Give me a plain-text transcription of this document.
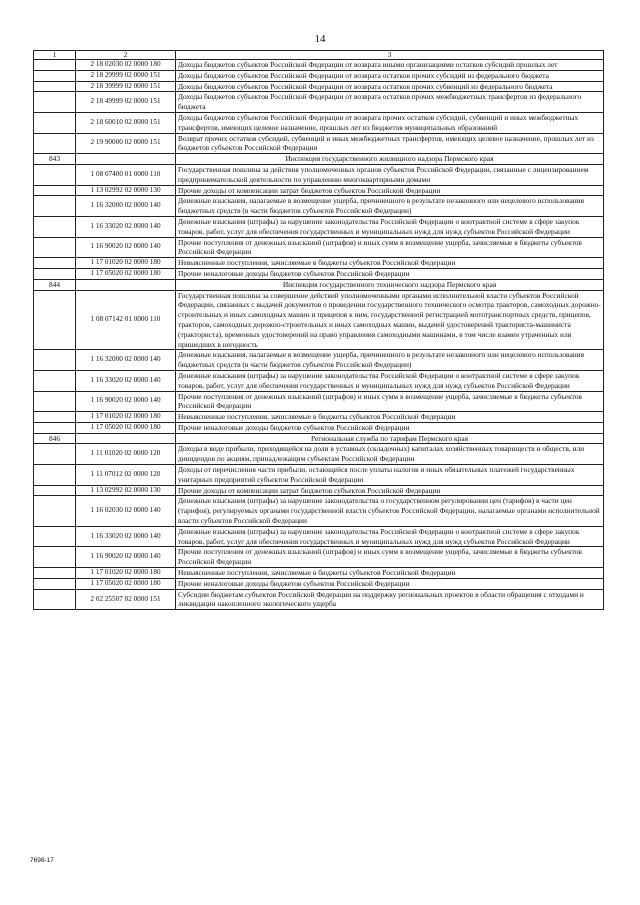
14
1	2	3
	2 18 02030 02 0000 180	Доходы бюджетов субъектов Российской Федерации от возврата иными организациями остатков субсидий прошлых лет
	2 18 29999 02 0000 151	Доходы бюджетов субъектов Российской Федерации от возврата остатков прочих субсидий из федерального бюджета
	2 18 39999 02 0000 151	Доходы бюджетов субъектов Российской Федерации от возврата остатков прочих субвенций из федерального бюджета
	2 18 49999 02 0000 151	Доходы бюджетов субъектов Российской Федерации от возврата остатков прочих межбюджетных трансфертов из федерального бюджета
	2 18 60010 02 0000 151	Доходы бюджетов субъектов Российской Федерации от возврата прочих остатков субсидий, субвенций и иных межбюджетных трансфертов, имеющих целевое назначение, прошлых лет из бюджетов муниципальных образований
	2 19 90000 02 0000 151	Возврат прочих остатков субсидий, субвенций и иных межбюджетных трансфертов, имеющих целевое назначение, прошлых лет из бюджетов субъектов Российской Федерации
843		Инспекция государственного жилищного надзора Пермского края
	1 08 07400 01 0000 110	Государственная пошлина за действия уполномоченных органов субъектов Российской Федерации, связанные с лицензированием предпринимательской деятельности по управлению многоквартирными домами
	1 13 02992 02 0000 130	Прочие доходы от компенсации затрат бюджетов субъектов Российской Федерации
	1 16 32000 02 0000 140	Денежные взыскания, налагаемые в возмещение ущерба, причиненного в результате незаконного или нецелевого использования бюджетных средств (в части бюджетов субъектов Российской Федерации)
	1 16 33020 02 0000 140	Денежные взыскания (штрафы) за нарушение законодательства Российской Федерации о контрактной системе в сфере закупок товаров, работ, услуг для обеспечения государственных и муниципальных нужд для нужд субъектов Российской Федерации
	1 16 90020 02 0000 140	Прочие поступления от денежных взысканий (штрафов) и иных сумм в возмещение ущерба, зачисляемые в бюджеты субъектов Российской Федерации
	1 17 01020 02 0000 180	Невыясненные поступления, зачисляемые в бюджеты субъектов Российской Федерации
	1 17 05020 02 0000 180	Прочие неналоговые доходы бюджетов субъектов Российской Федерации
844		Инспекция государственного технического надзора Пермского края
	1 08 07142 01 0000 110	Государственная пошлина за совершение действий уполномоченными органами исполнительной власти субъектов Российской Федерации, связанных с выдачей документов о проведении государственного технического осмотра тракторов, самоходных дорожно-строительных и иных самоходных машин и прицепов к ним, государственной регистрацией мототранспортных средств, прицепов, тракторов, самоходных дорожно-строительных и иных самоходных машин, выдачей удостоверений тракториста-машиниста (тракториста), временных удостоверений на право управления самоходными машинами, в том числе взамен утраченных или пришедших в негодность
	1 16 32000 02 0000 140	Денежные взыскания, налагаемые в возмещение ущерба, причиненного в результате незаконного или нецелевого использования бюджетных средств (в части бюджетов субъектов Российской Федерации)
	1 16 33020 02 0000 140	Денежные взыскания (штрафы) за нарушение законодательства Российской Федерации о контрактной системе в сфере закупок товаров, работ, услуг для обеспечения государственных и муниципальных нужд для нужд субъектов Российской Федерации
	1 16 90020 02 0000 140	Прочие поступления от денежных взысканий (штрафов) и иных сумм в возмещение ущерба, зачисляемые в бюджеты субъектов Российской Федерации
	1 17 01020 02 0000 180	Невыясненные поступления, зачисляемые в бюджеты субъектов Российской Федерации
	1 17 05020 02 0000 180	Прочие неналоговые доходы бюджетов субъектов Российской Федерации
846		Региональная служба по тарифам Пермского края
	1 11 01020 02 0000 120	Доходы в виде прибыли, приходящейся на доли в уставных (складочных) капиталах хозяйственных товариществ и обществ, или дивидендов по акциям, принадлежащим субъектам Российской Федерации
	1 11 07012 02 0000 120	Доходы от перечисления части прибыли, остающейся после уплаты налогов и иных обязательных платежей государственных унитарных предприятий субъектов Российской Федерации
	1 13 02992 02 0000 130	Прочие доходы от компенсации затрат бюджетов субъектов Российской Федерации
	1 16 02030 02 0000 140	Денежные взыскания (штрафы) за нарушение законодательства о государственном регулировании цен (тарифов) в части цен (тарифов), регулируемых органами государственной власти субъектов Российской Федерации, налагаемые органами исполнительной власти субъектов Российской Федерации
	1 16 33020 02 0000 140	Денежные взыскания (штрафы) за нарушение законодательства Российской Федерации о контрактной системе в сфере закупок товаров, работ, услуг для обеспечения государственных и муниципальных нужд для нужд субъектов Российской Федерации
	1 16 90020 02 0000 140	Прочие поступления от денежных взысканий (штрафов) и иных сумм в возмещение ущерба, зачисляемые в бюджеты субъектов Российской Федерации
	1 17 01020 02 0000 180	Невыясненные поступления, зачисляемые в бюджеты субъектов Российской Федерации
	1 17 05020 02 0000 180	Прочие неналоговые доходы бюджетов субъектов Российской Федерации
	2 02 25507 02 0000 151	Субсидии бюджетам субъектов Российской Федерации на поддержку региональных проектов в области обращения с отходами и ликвидации накопленного экологического ущерба
7698-17
